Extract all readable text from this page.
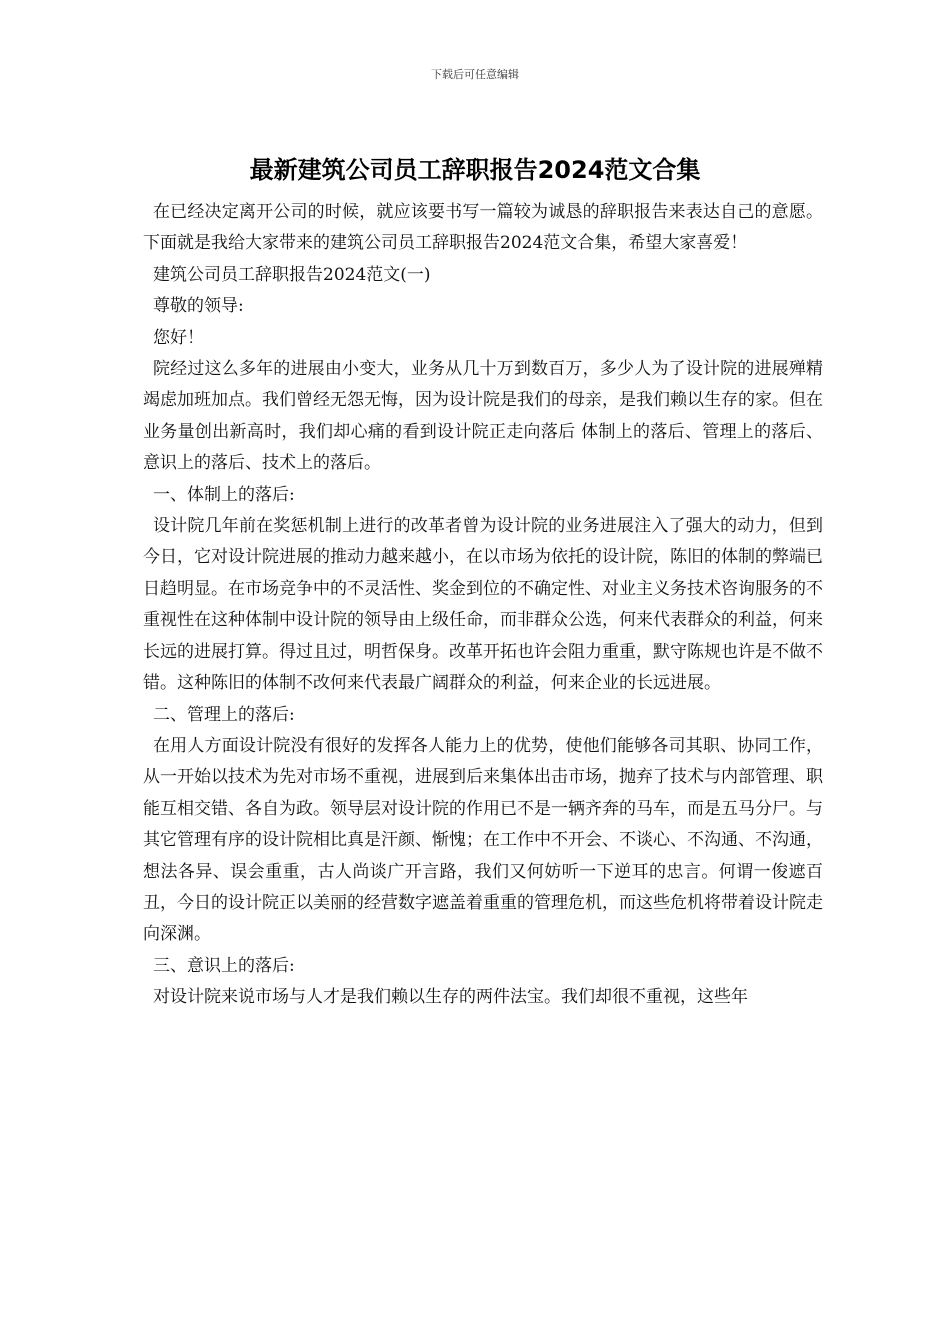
下载后可任意编辑
最新建筑公司员工辞职报告2024范文合集

在已经决定离开公司的时候，就应该要书写一篇较为诚恳的辞职报告来表达自己的意愿。下面就是我给大家带来的建筑公司员工辞职报告2024范文合集，希望大家喜爱！

建筑公司员工辞职报告2024范文(一)

尊敬的领导:

您好！

院经过这么多年的进展由小变大，业务从几十万到数百万，多少人为了设计院的进展殚精竭虑加班加点。我们曾经无怨无悔，因为设计院是我们的母亲，是我们赖以生存的家。但在业务量创出新高时，我们却心痛的看到设计院正走向落后 体制上的落后、管理上的落后、意识上的落后、技术上的落后。

一、体制上的落后:

设计院几年前在奖惩机制上进行的改革者曾为设计院的业务进展注入了强大的动力，但到今日，它对设计院进展的推动力越来越小，在以市场为依托的设计院，陈旧的体制的弊端已日趋明显。在市场竞争中的不灵活性、奖金到位的不确定性、对业主义务技术咨询服务的不重视性在这种体制中设计院的领导由上级任命，而非群众公选，何来代表群众的利益，何来长远的进展打算。得过且过，明哲保身。改革开拓也许会阻力重重，默守陈规也许是不做不错。这种陈旧的体制不改何来代表最广阔群众的利益，何来企业的长远进展。

二、管理上的落后:

在用人方面设计院没有很好的发挥各人能力上的优势，使他们能够各司其职、协同工作，从一开始以技术为先对市场不重视，进展到后来集体出击市场，抛弃了技术与内部管理、职能互相交错、各自为政。领导层对设计院的作用已不是一辆齐奔的马车，而是五马分尸。与其它管理有序的设计院相比真是汗颜、惭愧；在工作中不开会、不谈心、不沟通、不沟通，想法各异、误会重重，古人尚谈广开言路，我们又何妨听一下逆耳的忠言。何谓一俊遮百丑，今日的设计院正以美丽的经营数字遮盖着重重的管理危机，而这些危机将带着设计院走向深渊。

三、意识上的落后:

对设计院来说市场与人才是我们赖以生存的两件法宝。我们却很不重视，这些年
